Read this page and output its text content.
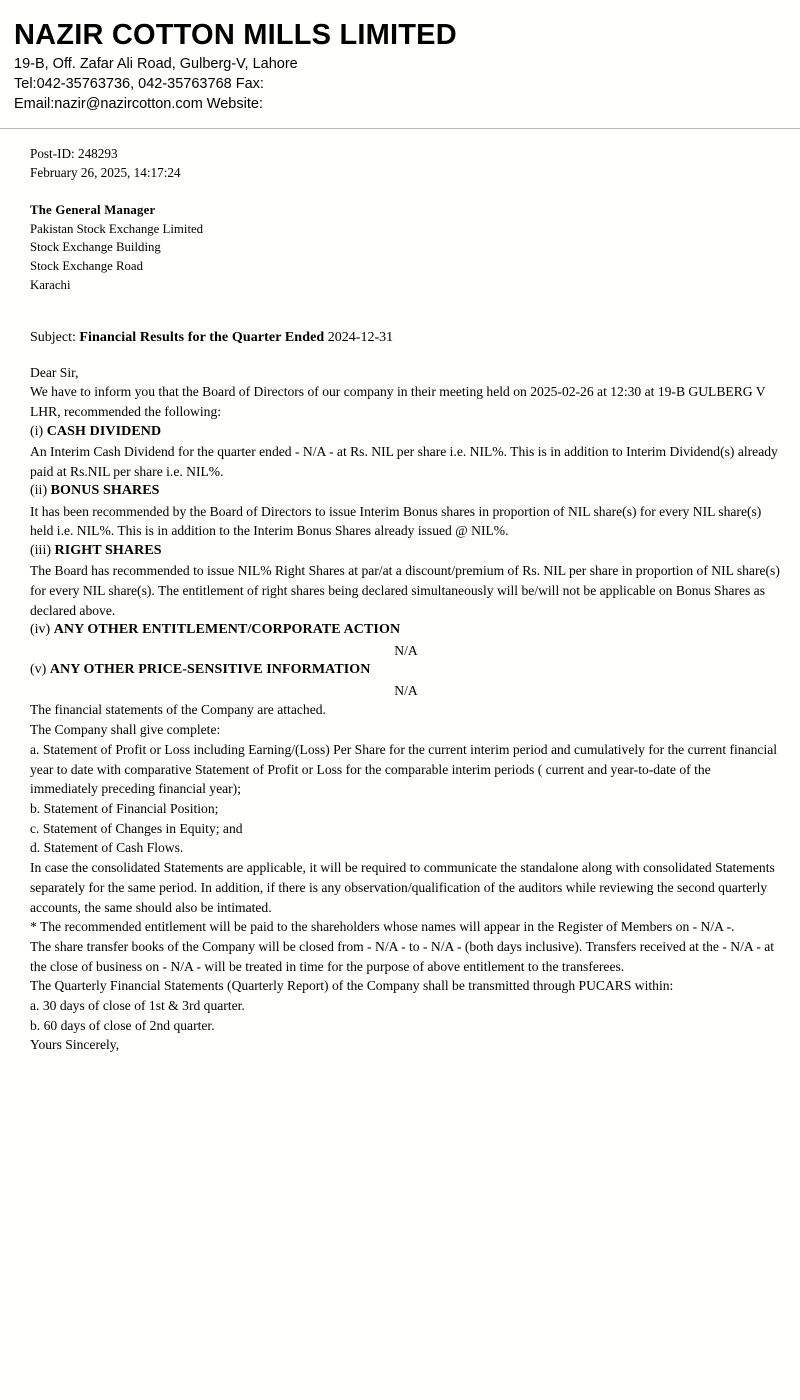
NAZIR COTTON MILLS LIMITED

19-B, Off. Zafar Ali Road, Gulberg-V, Lahore

Tel:042-35763736, 042-35763768 Fax:

Email:nazir@nazircotton.com Website:

Post-ID: 248293

February 26, 2025, 14:17:24

The General Manager

Pakistan Stock Exchange Limited

Stock Exchange Building

Stock Exchange Road

Karachi

Subject: Financial Results for the Quarter Ended 2024-12-31

Dear Sir,

We have to inform you that the Board of Directors of our company in their meeting held on 2025-02-26 at 12:30 at 19-B GULBERG V LHR, recommended the following:

(i) CASH DIVIDEND

An Interim Cash Dividend for the quarter ended - N/A - at Rs. NIL per share i.e. NIL%. This is in addition to Interim Dividend(s) already paid at Rs.NIL per share i.e. NIL%.

(ii) BONUS SHARES

It has been recommended by the Board of Directors to issue Interim Bonus shares in proportion of NIL share(s) for every NIL share(s) held i.e. NIL%. This is in addition to the Interim Bonus Shares already issued @ NIL%.

(iii) RIGHT SHARES

The Board has recommended to issue NIL% Right Shares at par/at a discount/premium of Rs. NIL per share in proportion of NIL share(s) for every NIL share(s). The entitlement of right shares being declared simultaneously will be/will not be applicable on Bonus Shares as declared above.

(iv) ANY OTHER ENTITLEMENT/CORPORATE ACTION

N/A

(v) ANY OTHER PRICE-SENSITIVE INFORMATION

N/A

The financial statements of the Company are attached.

The Company shall give complete:

a. Statement of Profit or Loss including Earning/(Loss) Per Share for the current interim period and cumulatively for the current financial year to date with comparative Statement of Profit or Loss for the comparable interim periods ( current and year-to-date of the immediately preceding financial year);

b. Statement of Financial Position;

c. Statement of Changes in Equity; and

d. Statement of Cash Flows.

In case the consolidated Statements are applicable, it will be required to communicate the standalone along with consolidated Statements separately for the same period. In addition, if there is any observation/qualification of the auditors while reviewing the second quarterly accounts, the same should also be intimated.

* The recommended entitlement will be paid to the shareholders whose names will appear in the Register of Members on - N/A -.

The share transfer books of the Company will be closed from - N/A - to - N/A - (both days inclusive). Transfers received at the - N/A - at the close of business on - N/A - will be treated in time for the purpose of above entitlement to the transferees.

The Quarterly Financial Statements (Quarterly Report) of the Company shall be transmitted through PUCARS within:

a. 30 days of close of 1st & 3rd quarter.

b. 60 days of close of 2nd quarter.

Yours Sincerely,
